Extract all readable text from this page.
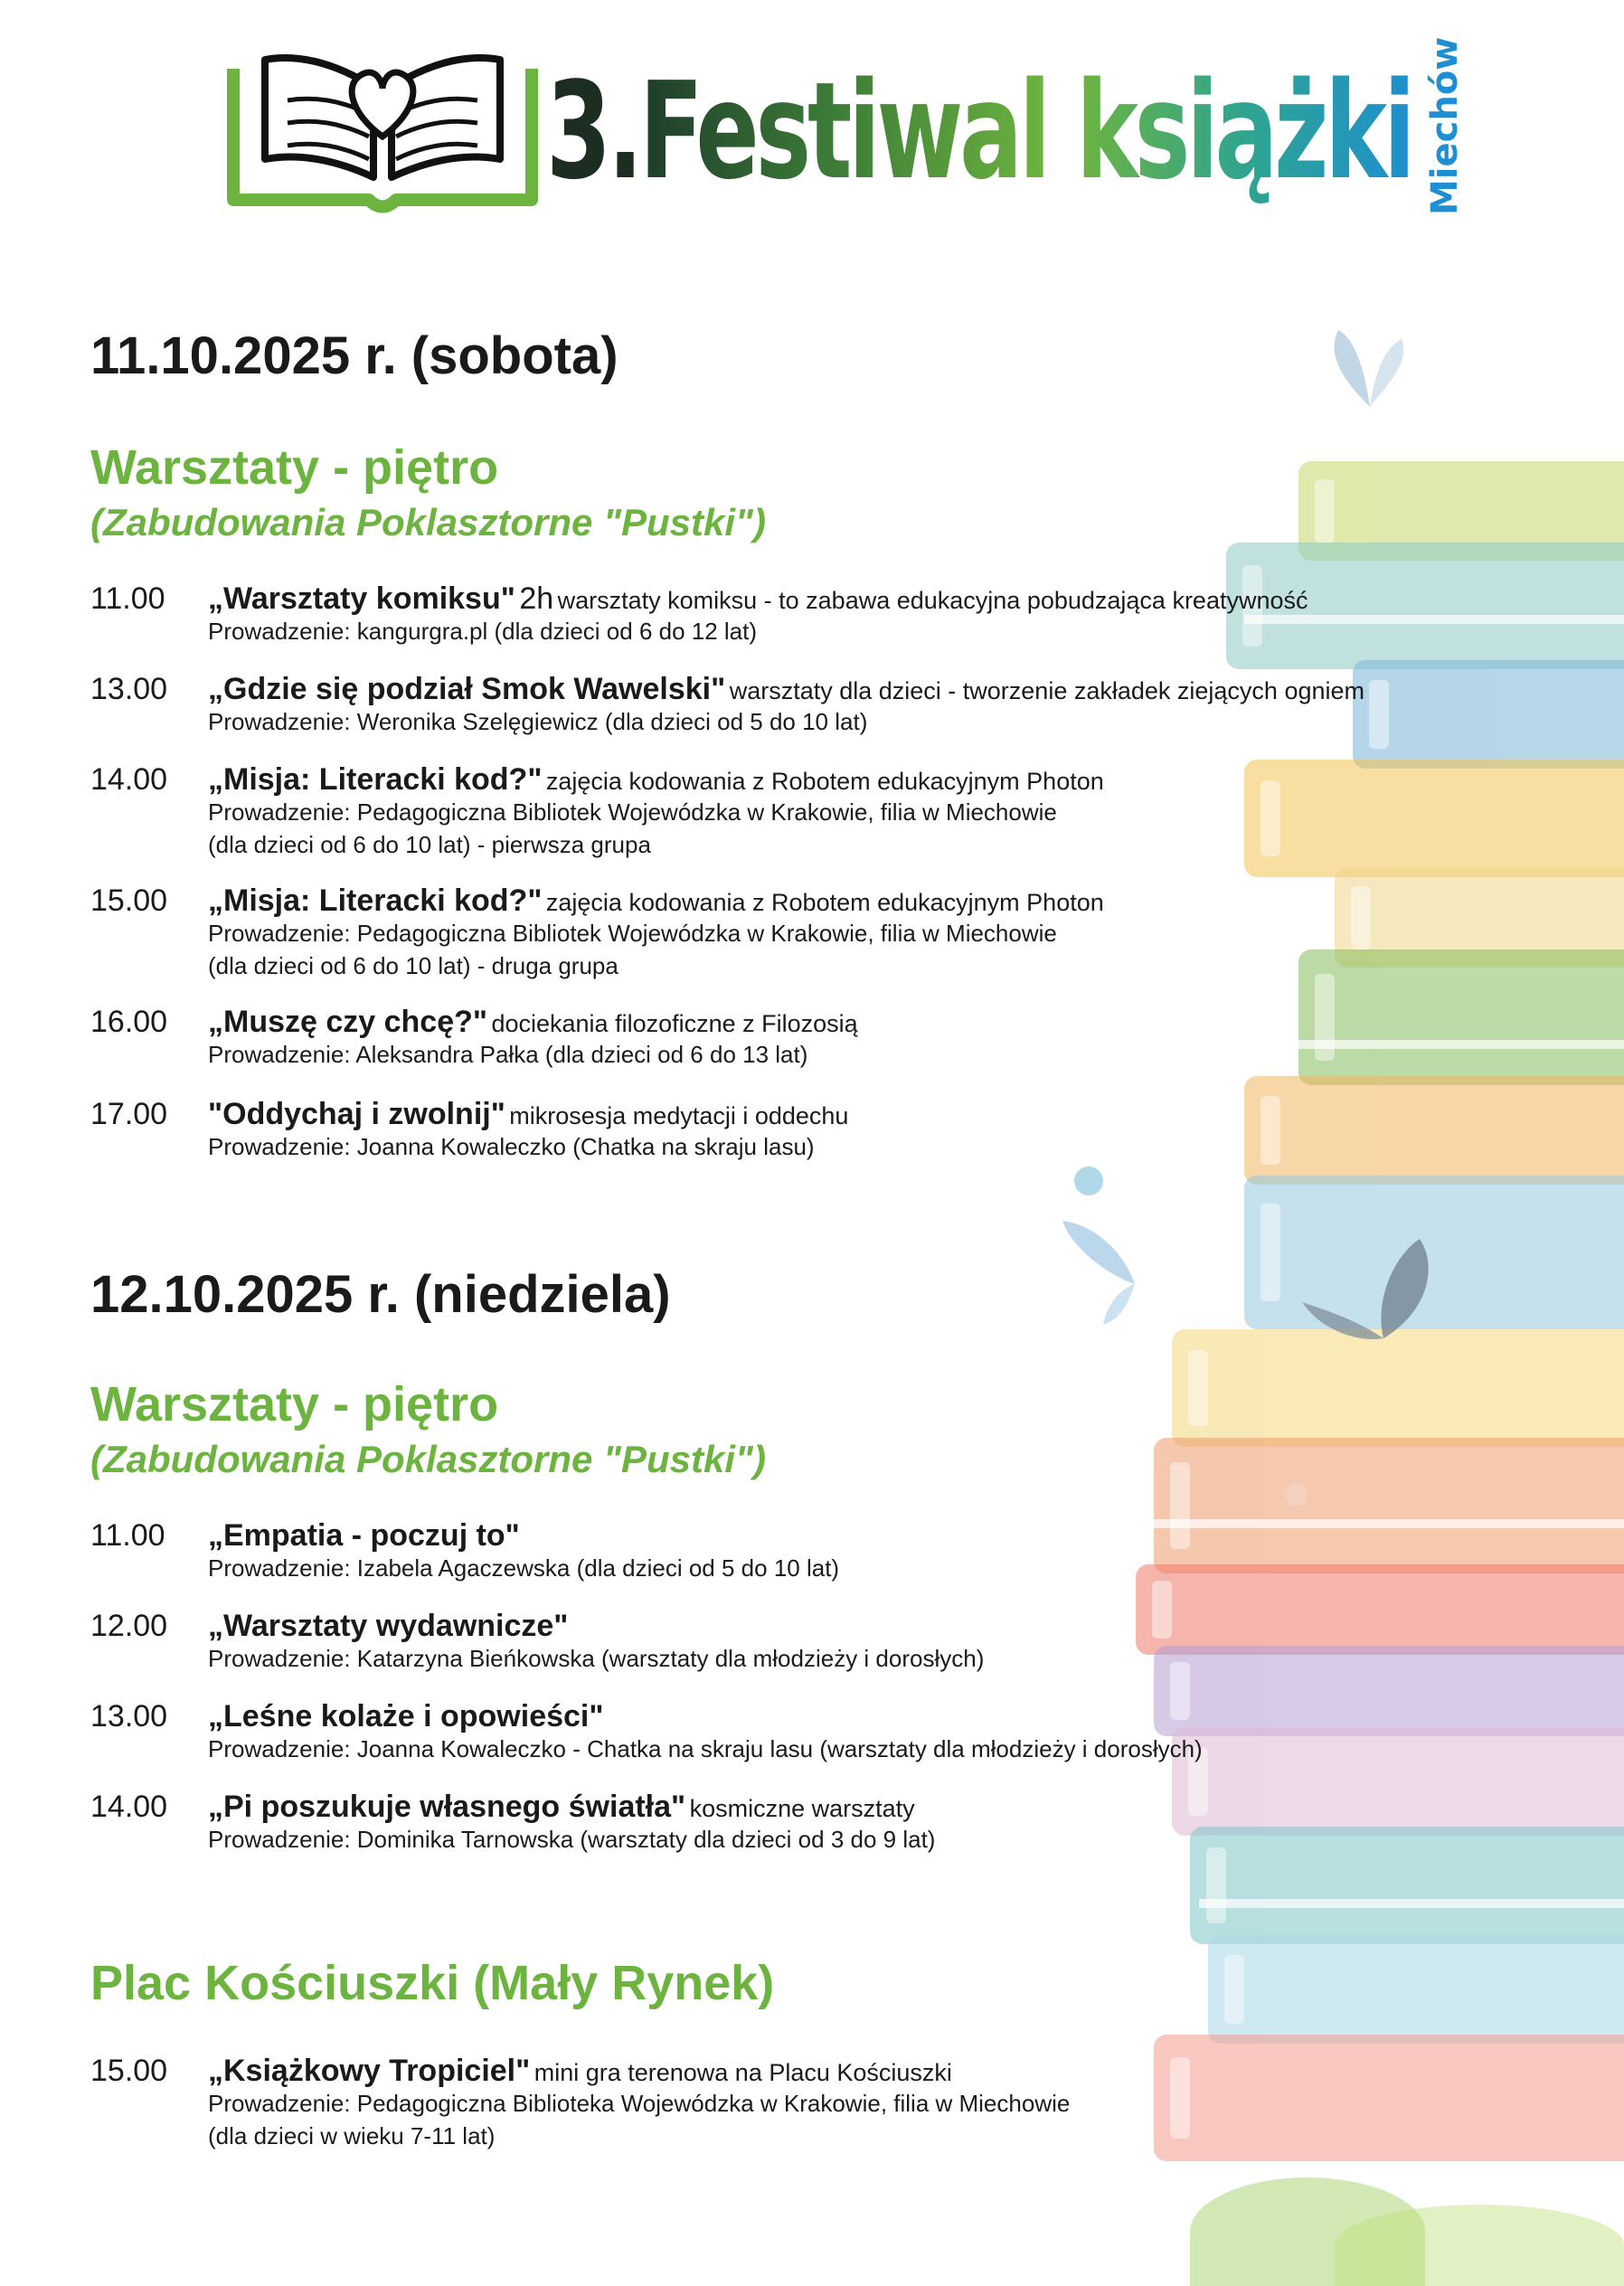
3.Festiwal książki Miechów

11.10.2025 r. (sobota)
Warsztaty - piętro

(Zabudowania Poklasztorne "Pustki")

11.00 „Warsztaty komiksu" 2h warsztaty komiksu - to zabawa edukacyjna pobudzająca kreatywność
Prowadzenie: kangurgra.pl (dla dzieci od 6 do 12 lat)
13.00 „Gdzie się podział Smok Wawelski" warsztaty dla dzieci - tworzenie zakładek ziejących ogniem
Prowadzenie: Weronika Szelęgiewicz (dla dzieci od 5 do 10 lat)
14.00 „Misja: Literacki kod?" zajęcia kodowania z Robotem edukacyjnym Photon
Prowadzenie: Pedagogiczna Bibliotek Wojewódzka w Krakowie, filia w Miechowie
(dla dzieci od 6 do 10 lat) - pierwsza grupa
15.00 „Misja: Literacki kod?" zajęcia kodowania z Robotem edukacyjnym Photon
Prowadzenie: Pedagogiczna Bibliotek Wojewódzka w Krakowie, filia w Miechowie
(dla dzieci od 6 do 10 lat) - druga grupa
16.00 „Muszę czy chcę?" dociekania filozoficzne z Filozosią
Prowadzenie: Aleksandra Pałka (dla dzieci od 6 do 13 lat)
17.00 "Oddychaj i zwolnij" mikrosesja medytacji i oddechu
Prowadzenie: Joanna Kowaleczko (Chatka na skraju lasu)
12.10.2025 r. (niedziela)
Warsztaty - piętro

(Zabudowania Poklasztorne "Pustki")

11.00 „Empatia - poczuj to"
Prowadzenie: Izabela Agaczewska (dla dzieci od 5 do 10 lat)
12.00 „Warsztaty wydawnicze"
Prowadzenie: Katarzyna Bieńkowska (warsztaty dla młodzieży i dorosłych)
13.00 „Leśne kolaże i opowieści"
Prowadzenie: Joanna Kowaleczko - Chatka na skraju lasu (warsztaty dla młodzieży i dorosłych)
14.00 „Pi poszukuje własnego światła" kosmiczne warsztaty
Prowadzenie: Dominika Tarnowska (warsztaty dla dzieci od 3 do 9 lat)
Plac Kościuszki (Mały Rynek)
15.00 „Książkowy Tropiciel" mini gra terenowa na Placu Kościuszki
Prowadzenie: Pedagogiczna Biblioteka Wojewódzka w Krakowie, filia w Miechowie
(dla dzieci w wieku 7-11 lat)
